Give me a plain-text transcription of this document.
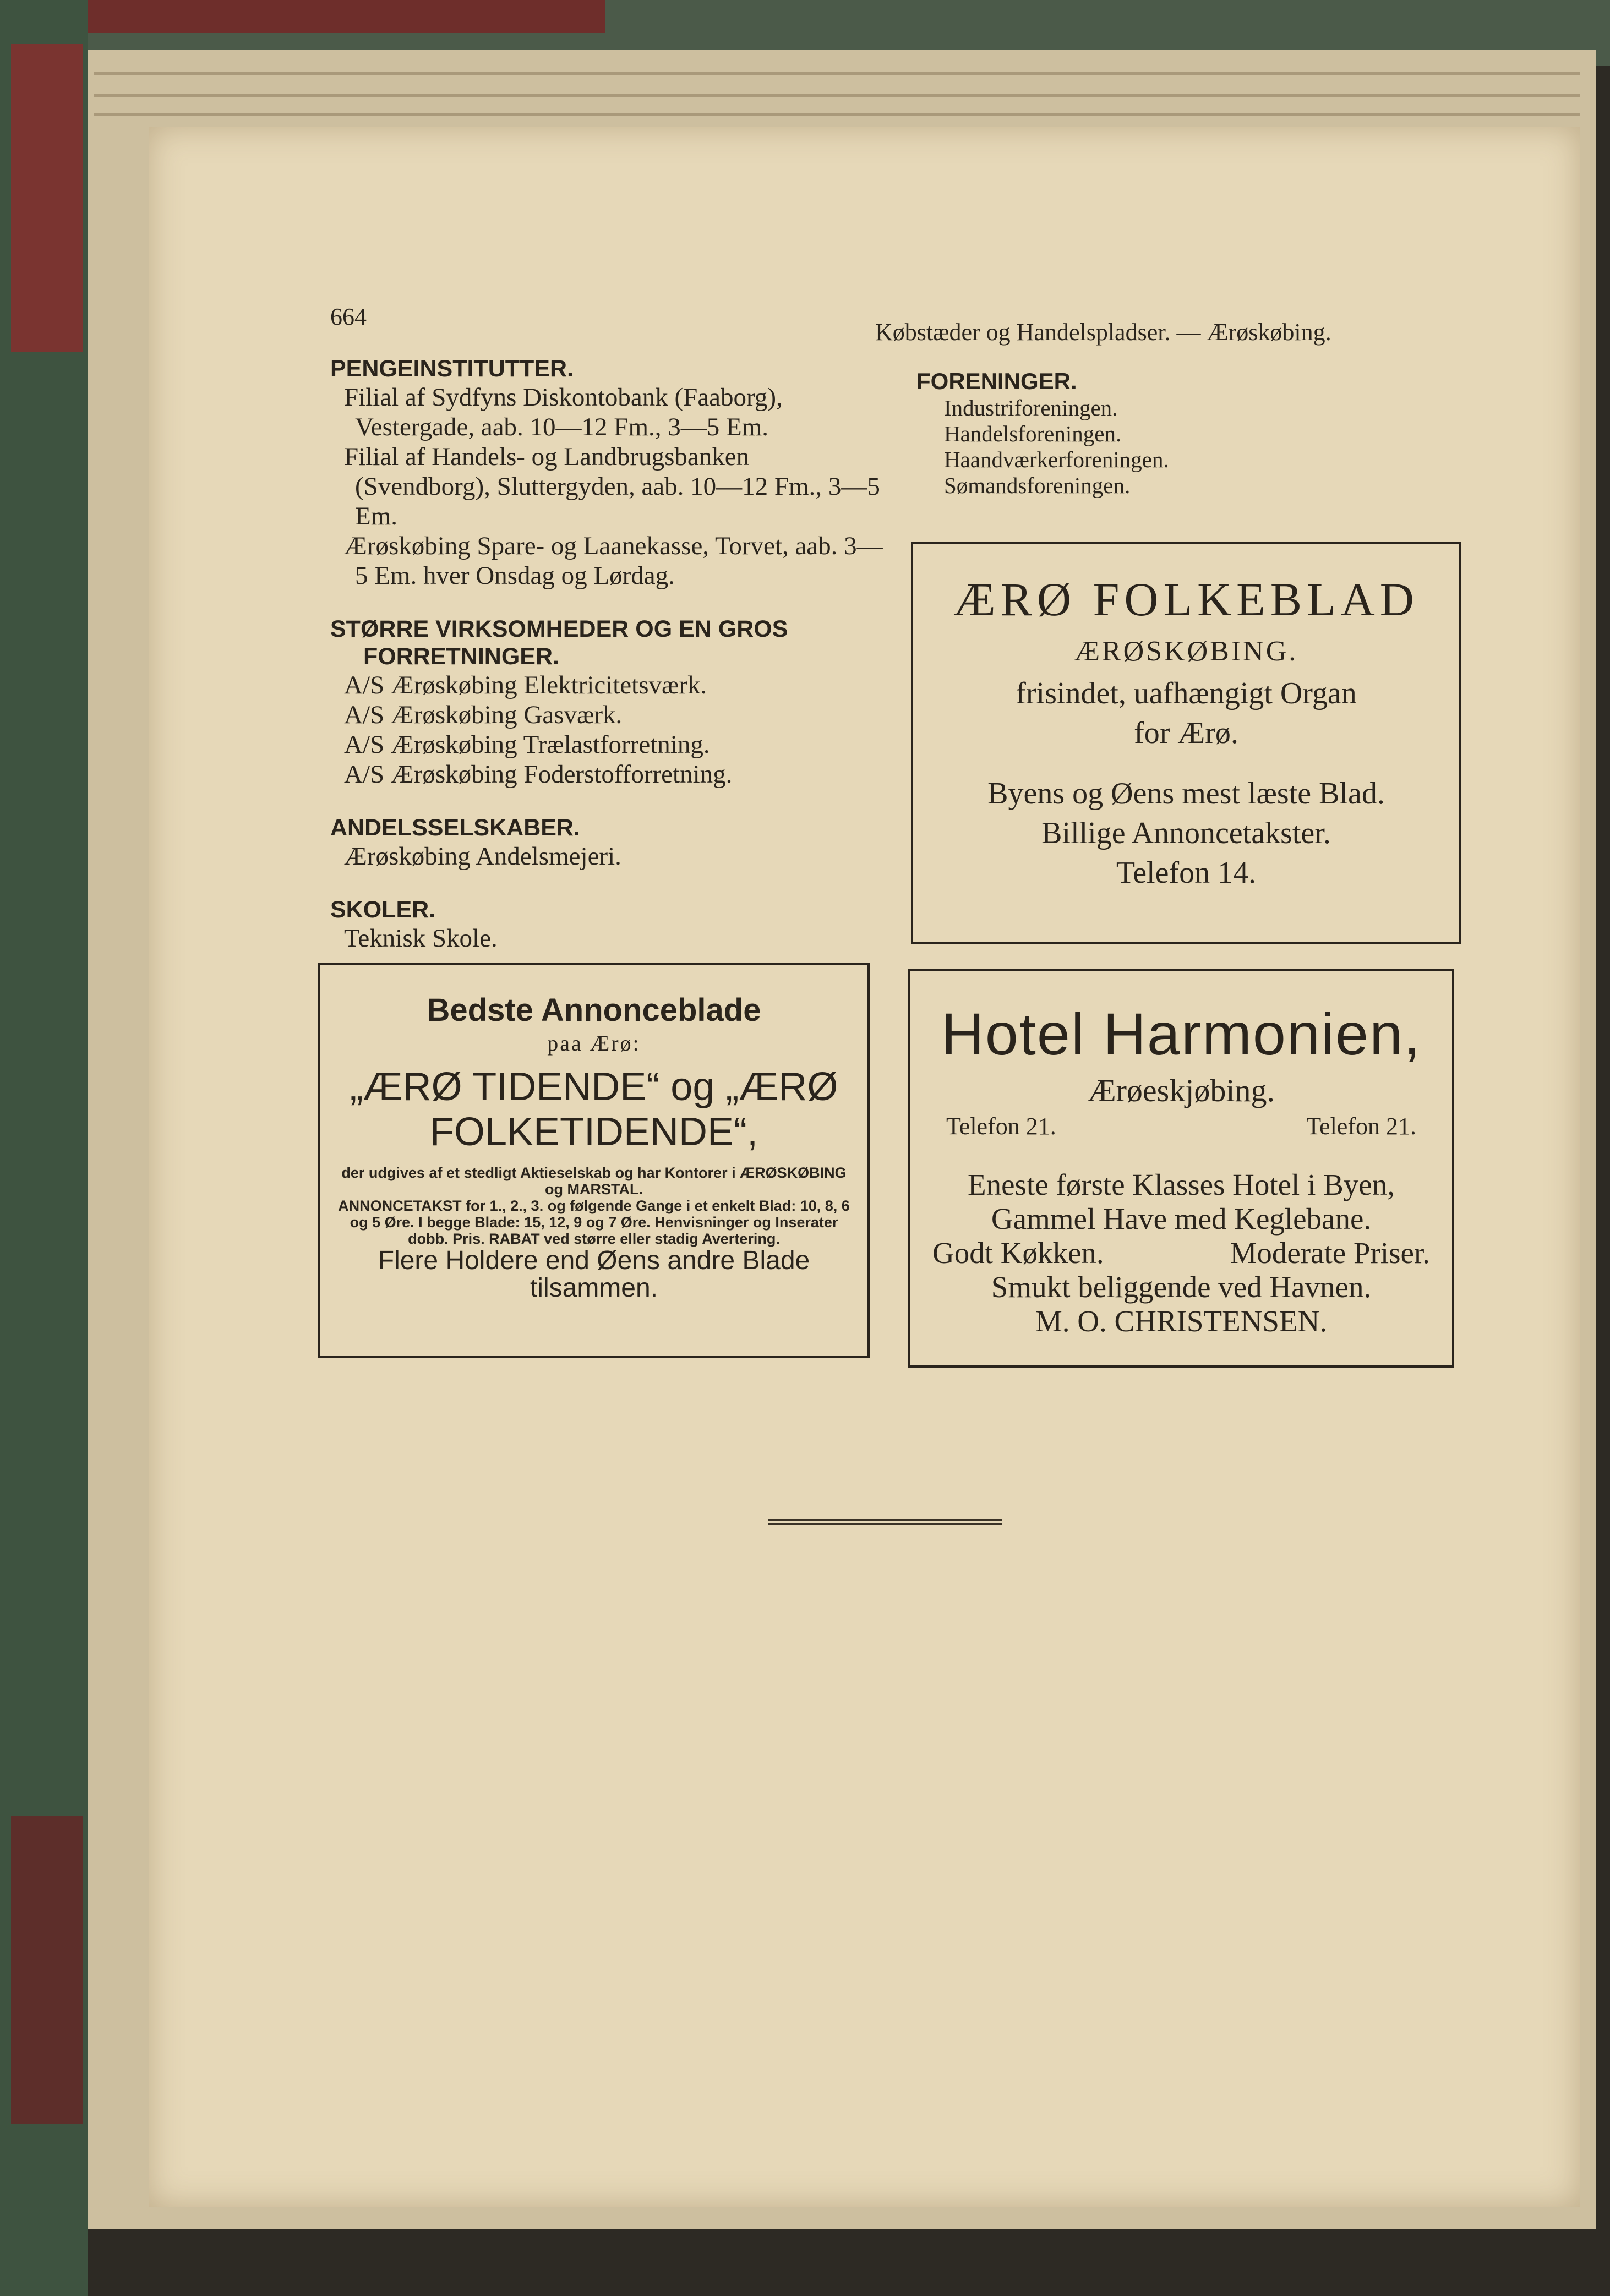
664
Købstæder og Handelspladser. — Ærøskøbing.
PENGEINSTITUTTER.
Filial af Sydfyns Diskontobank (Faaborg), Vestergade, aab. 10—12 Fm., 3—5 Em.
Filial af Handels- og Landbrugsbanken (Svendborg), Sluttergyden, aab. 10—12 Fm., 3—5 Em.
Ærøskøbing Spare- og Laanekasse, Torvet, aab. 3—5 Em. hver Onsdag og Lørdag.
STØRRE VIRKSOMHEDER OG EN GROS FORRETNINGER.
A/S Ærøskøbing Elektricitetsværk.
A/S Ærøskøbing Gasværk.
A/S Ærøskøbing Trælastforretning.
A/S Ærøskøbing Foderstofforretning.
ANDELSSELSKABER.
Ærøskøbing Andelsmejeri.
SKOLER.
Teknisk Skole.
FORENINGER.
Industriforeningen.
Handelsforeningen.
Haandværkerforeningen.
Sømandsforeningen.
ÆRØ FOLKEBLAD
ÆRØSKØBING.
frisindet, uafhængigt Organ
for Ærø.
Byens og Øens mest læste Blad.
Billige Annoncetakster.
Telefon 14.
Bedste Annonceblade
paa Ærø:
„ÆRØ TIDENDE“ og „ÆRØ
FOLKETIDENDE“,
der udgives af et stedligt Aktieselskab og har Kontorer i ÆRØSKØBING og MARSTAL.
ANNONCETAKST for 1., 2., 3. og følgende Gange i et enkelt Blad: 10, 8, 6 og 5 Øre. I begge Blade: 15, 12, 9 og 7 Øre. Henvisninger og Inserater dobb. Pris. RABAT ved større eller stadig Avertering.
Flere Holdere end Øens andre Blade
tilsammen.
Hotel Harmonien,
Ærøeskjøbing.
Telefon 21.	Telefon 21.
Eneste første Klasses Hotel i Byen,
Gammel Have med Keglebane.
Godt Køkken.	Moderate Priser.
Smukt beliggende ved Havnen.
M. O. CHRISTENSEN.
